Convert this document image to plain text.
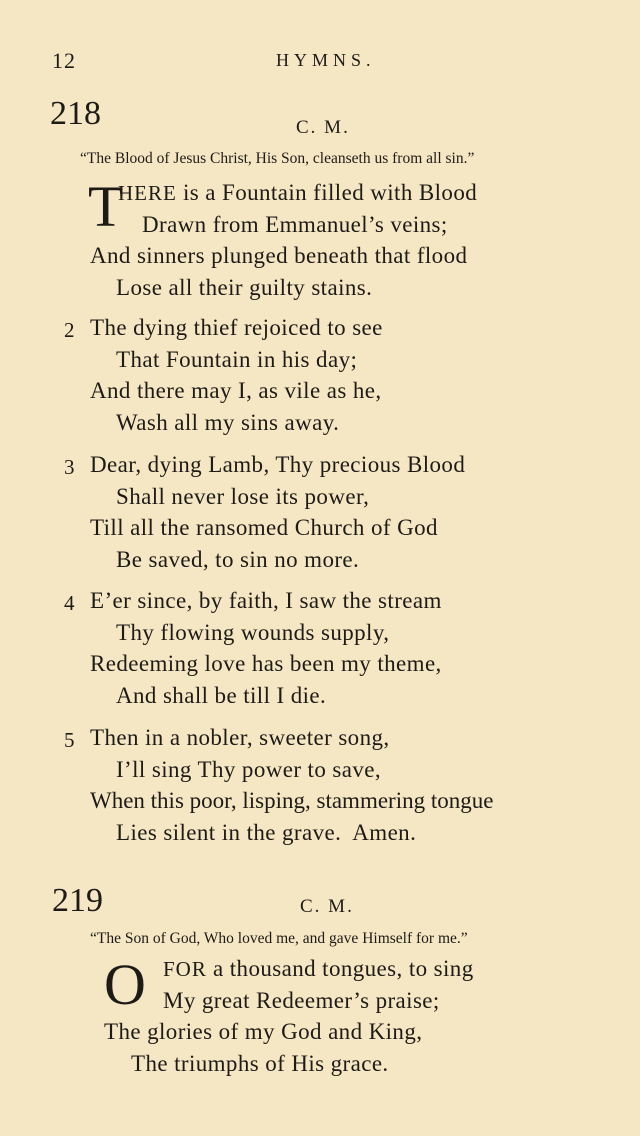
12	HYMNS.
218	C. M.
“The Blood of Jesus Christ, His Son, cleanseth us from all sin.”
T
HERE is a Fountain filled with Blood
Drawn from Emmanuel’s veins;
And sinners plunged beneath that flood
Lose all their guilty stains.
2 The dying thief rejoiced to see
That Fountain in his day;
And there may I, as vile as he,
Wash all my sins away.
3 Dear, dying Lamb, Thy precious Blood
Shall never lose its power,
Till all the ransomed Church of God
Be saved, to sin no more.
4 E’er since, by faith, I saw the stream
Thy flowing wounds supply,
Redeeming love has been my theme,
And shall be till I die.
5 Then in a nobler, sweeter song,
I’ll sing Thy power to save,
When this poor, lisping, stammering tongue
Lies silent in the grave.  Amen.
219	C. M.
“The Son of God, Who loved me, and gave Himself for me.”
O FOR a thousand tongues, to sing
My great Redeemer’s praise;
The glories of my God and King,
The triumphs of His grace.
